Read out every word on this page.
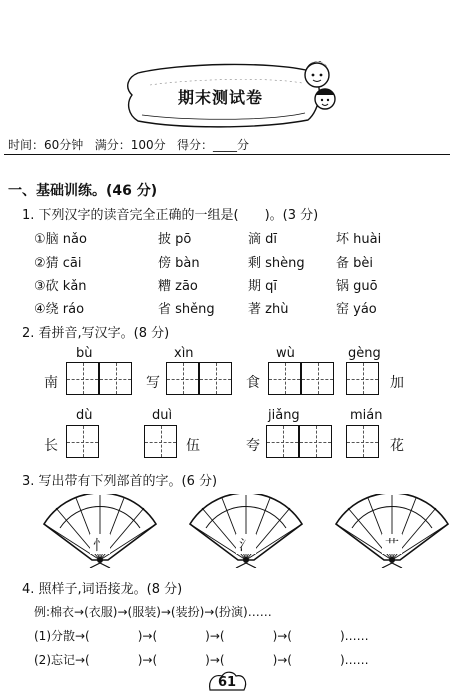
期末测试卷
时间：60分钟   满分：100分   得分：____分
一、基础训练。(46 分)
1. 下列汉字的读音完全正确的一组是(　　)。(3 分)
①脑 nǎo	披 pō	滴 dī	坏 huài
②猜 cāi	傍 bàn	剩 shèng 备 bèi
③砍 kǎn	糟 zāo	期 qī	锅 guō
④绕 ráo	省 shěng	著 zhù	窑 yáo
2. 看拼音,写汉字。(8 分)
bù	xìn	wù	gèng
南	写	食	加
dù	duì	jiǎng	mián
长	伍	夸	花
3. 写出带有下列部首的字。(6 分)
忄	氵	艹
4. 照样子,词语接龙。(8 分)
例:棉衣→(衣服)→(服装)→(装扮)→(扮演)……
(1)分散→(　　　　)→(　　　　)→(　　　　)→(　　　　)……
(2)忘记→(　　　　)→(　　　　)→(　　　　)→(　　　　)……
61
